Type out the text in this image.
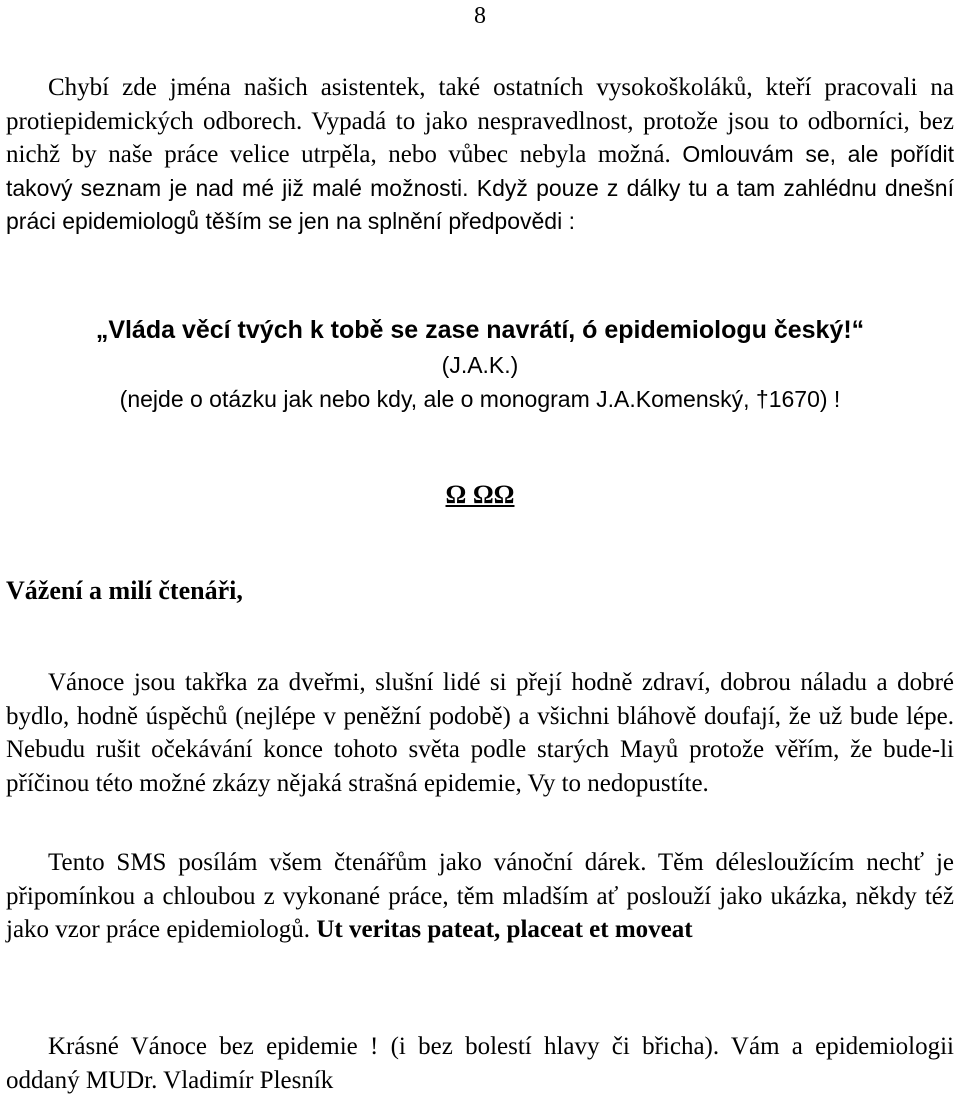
8
Chybí zde jména našich asistentek, také ostatních vysokoškoláků, kteří pracovali na protiepidemických odborech. Vypadá to jako nespravedlnost, protože jsou to odborníci, bez nichž by naše práce velice utrpěla, nebo vůbec nebyla možná. Omlouvám se, ale pořídit takový seznam je nad mé již malé možnosti. Když pouze z dálky tu a tam zahlédnu dnešní práci epidemiologů těším se jen na splnění předpovědi :
„Vláda věcí tvých k tobě se zase navrátí, ó epidemiologu český!“
(J.A.K.)
(nejde o otázku jak nebo kdy, ale o monogram J.A.Komenský, †1670) !
Ω ΩΩ
Vážení a milí čtenáři,
Vánoce jsou takřka za dveřmi, slušní lidé si přejí hodně zdraví, dobrou náladu a dobré bydlo, hodně úspěchů (nejlépe v peněžní podobě) a všichni bláhově doufají, že už bude lépe. Nebudu rušit očekávání konce tohoto světa podle starých Mayů protože věřím, že bude-li příčinou této možné zkázy nějaká strašná epidemie, Vy to nedopustíte.
Tento SMS posílám všem čtenářům jako vánoční dárek. Těm délesloužícím nechť je připomínkou a chloubou z vykonané práce, těm mladším ať poslouží jako ukázka, někdy též jako vzor práce epidemiologů. Ut veritas pateat, placeat et moveat
Krásné Vánoce bez epidemie ! (i bez bolestí hlavy či břicha). Vám a epidemiologii oddaný MUDr. Vladimír Plesník
